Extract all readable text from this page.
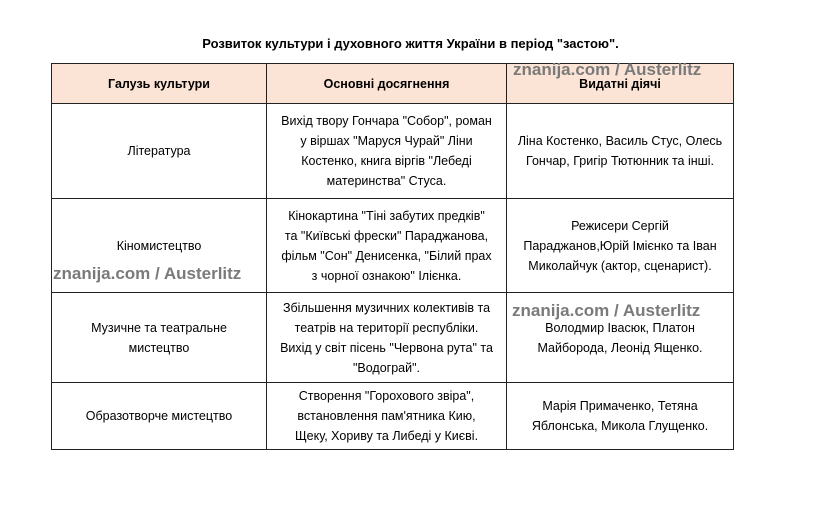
Розвиток культури і духовного життя України в період "застою".
Галузь культури	Основні досягнення	Видатні діячі

Література	Вихід твору Гончара "Собор", роман
у віршах "Маруся Чурай" Ліни
Костенко, книга віргів "Лебеді
материнства" Стуса.	Ліна Костенко, Василь Стус, Олесь
Гончар, Григір Тютюнник та інші.

Кіномистецтво	Кінокартина "Тіні забутих предків"
та "Київські фрески" Параджанова,
фільм "Сон" Денисенка, "Білий прах
з чорної ознакою" Ілієнка.	Режисери Сергій
Параджанов,Юрій Імієнко та Іван
Миколайчук (актор, сценарист).

Музичне та театральне
мистецтво	Збільшення музичних колективів та
театрів на території республіки.
Вихід у світ пісень "Червона рута" та
"Водограй".	Володмир Івасюк, Платон
Майборода, Леонід Ященко.

Образотворче мистецтво	Створення "Горохового звіра",
встановлення пам'ятника Кию,
Щеку, Хориву та Либеді у Києві.	Марія Примаченко, Тетяна
Яблонська, Микола Глущенко.
znanija.com / Austerlitz
znanija.com / Austerlitz
znanija.com / Austerlitz
